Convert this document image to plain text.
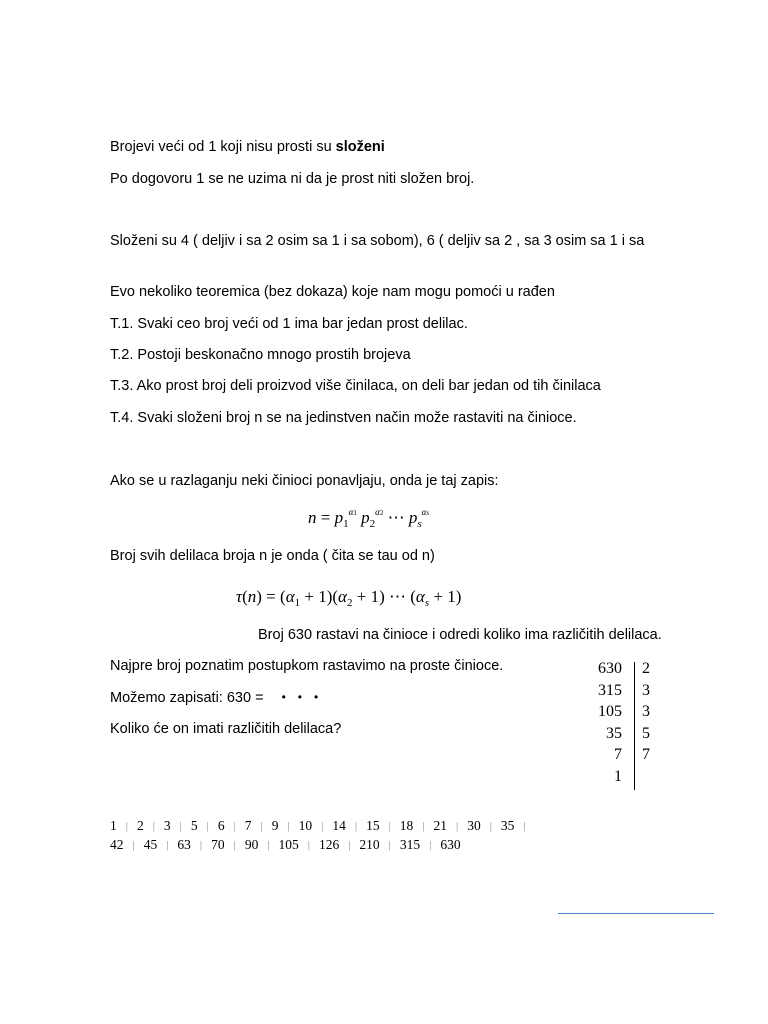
Brojevi veći od 1 koji nisu prosti su složeni
Po dogovoru 1 se ne uzima ni da je prost niti složen broj.
Složeni su 4 ( deljiv i sa 2 osim sa 1 i sa sobom), 6 ( deljiv sa 2 , sa 3 osim sa 1 i sa
Evo nekoliko teoremica (bez dokaza) koje nam mogu pomoći u rađen
T.1. Svaki ceo broj veći od 1 ima bar jedan prost delilac.
T.2. Postoji beskonačno mnogo prostih brojeva
T.3. Ako prost broj deli proizvod više činilaca, on deli bar jedan od tih činilaca
T.4. Svaki složeni broj n se na jedinstven način može rastaviti na činioce.
Ako se u razlaganju neki činioci ponavljaju, onda je taj zapis:
$n = p_1^{\alpha 1}$ $p_2^{\alpha 2}$ ⋯ $p_s^{\alpha s}$
Broj svih delilaca broja n je onda ( čita se tau od n)
$\tau(n) = (\alpha_1 + 1)(\alpha_2 + 1)$ ⋯ $(\alpha_s + 1)$
Broj 630 rastavi na činioce i odredi koliko ima različitih delilaca.
Najpre broj poznatim postupkom rastavimo na proste činioce.
Možemo zapisati: 630 = •••
Koliko će on imati različitih delilaca?
630	2
315	3
105	3
35	5
7	7
1
1 | 2 | 3 | 5 | 6 | 7 | 9 | 10 | 14 | 15 | 18 | 21 | 30 | 35 |
42 | 45 | 63 | 70 | 90 | 105 | 126 | 210 | 315 | 630
